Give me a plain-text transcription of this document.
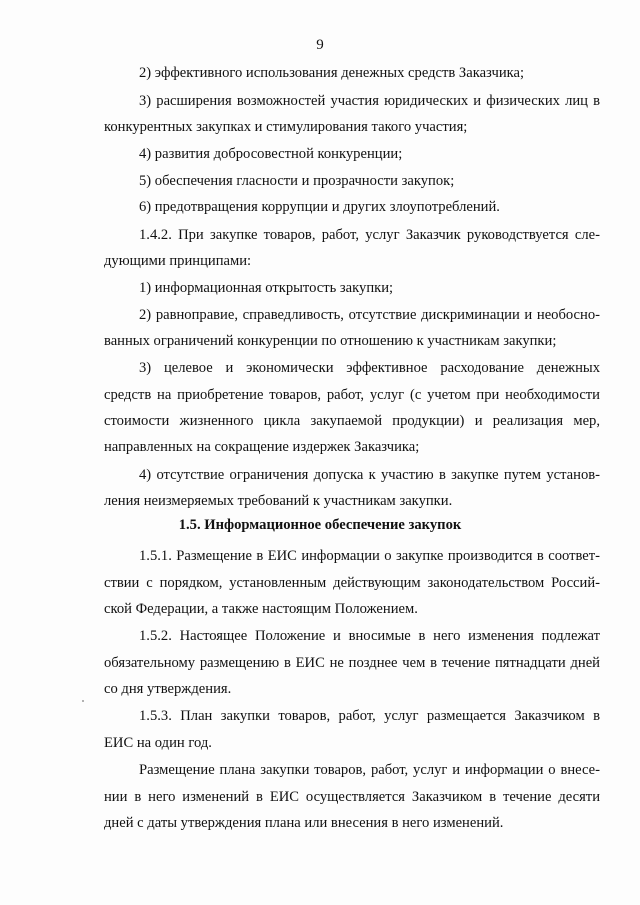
9
2) эффективного использования денежных средств Заказчика;
3) расширения возможностей участия юридических и физических лиц в
конкурентных закупках и стимулирования такого участия;
4) развития добросовестной конкуренции;
5) обеспечения гласности и прозрачности закупок;
6) предотвращения коррупции и других злоупотреблений.
1.4.2. При закупке товаров, работ, услуг Заказчик руководствуется сле-
дующими принципами:
1) информационная открытость закупки;
2) равноправие, справедливость, отсутствие дискриминации и необосно-
ванных ограничений конкуренции по отношению к участникам закупки;
3) целевое и экономически эффективное расходование денежных
средств на приобретение товаров, работ, услуг (с учетом при необходимости
стоимости жизненного цикла закупаемой продукции) и реализация мер,
направленных на сокращение издержек Заказчика;
4) отсутствие ограничения допуска к участию в закупке путем установ-
ления неизмеряемых требований к участникам закупки.
1.5. Информационное обеспечение закупок
1.5.1. Размещение в ЕИС информации о закупке производится в соответ-
ствии с порядком, установленным действующим законодательством Россий-
ской Федерации, а также настоящим Положением.
1.5.2. Настоящее Положение и вносимые в него изменения подлежат
обязательному размещению в ЕИС не позднее чем в течение пятнадцати дней
со дня утверждения.
1.5.3. План закупки товаров, работ, услуг размещается Заказчиком в
ЕИС на один год.
Размещение плана закупки товаров, работ, услуг и информации о внесе-
нии в него изменений в ЕИС осуществляется Заказчиком в течение десяти
дней с даты утверждения плана или внесения в него изменений.
